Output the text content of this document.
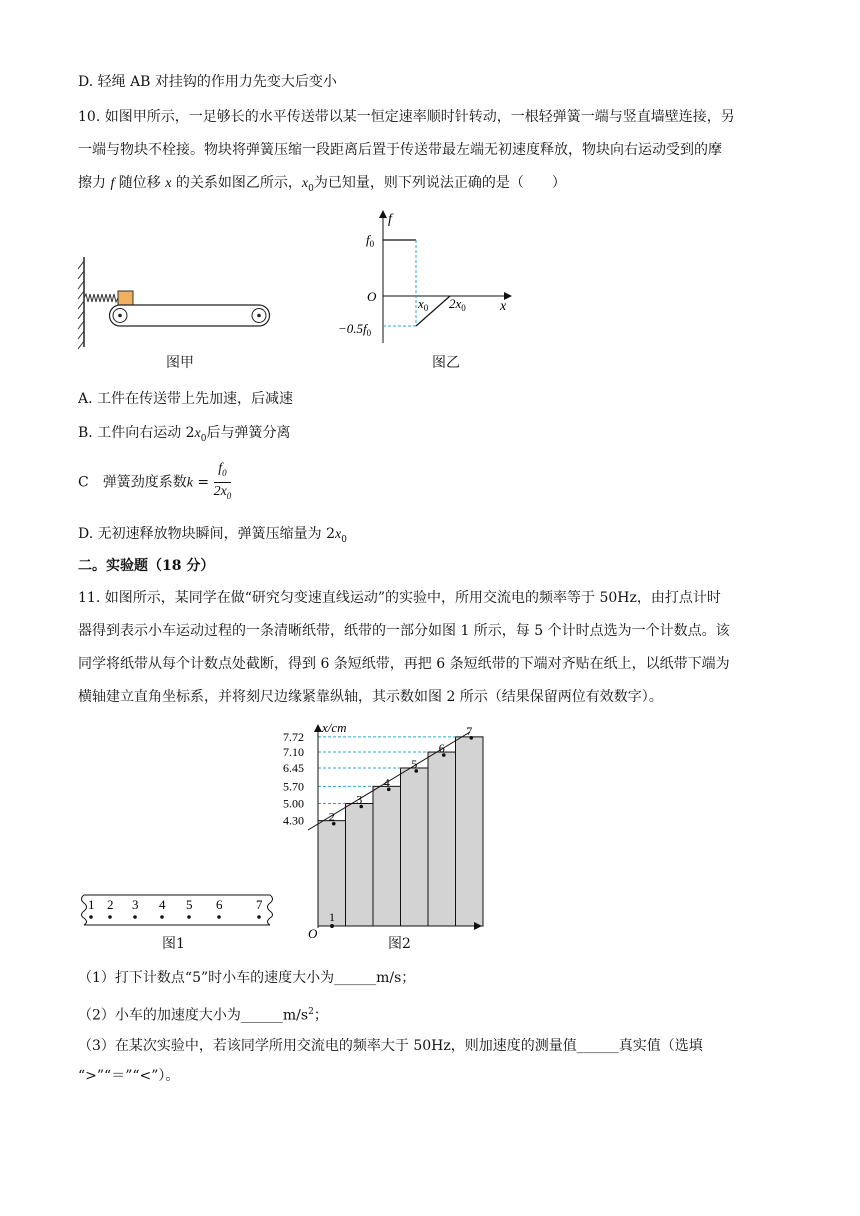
D. 轻绳 AB 对挂钩的作用力先变大后变小
10. 如图甲所示，一足够长的水平传送带以某一恒定速率顺时针转动，一根轻弹簧一端与竖直墙壁连接，另
一端与物块不栓接。物块将弹簧压缩一段距离后置于传送带最左端无初速度释放，物块向右运动受到的摩
擦力 f 随位移 x 的关系如图乙所示，$x_0$为已知量，则下列说法正确的是（　　）
图甲
f
x
O
$f_0$
$-0.5f_0$
$x_0$ $2x_0$
图乙
A. 工件在传送带上先加速，后减速
B. 工件向右运动 $2x_0$后与弹簧分离
C　 弹簧劲度系数$k = \frac{f_0}{2x_0}$
D. 无初速释放物块瞬间，弹簧压缩量为 $2x_0$
二。实验题（18 分）
11. 如图所示，某同学在做“研究匀变速直线运动”的实验中，所用交流电的频率等于 50Hz，由打点计时
器得到表示小车运动过程的一条清晰纸带，纸带的一部分如图 1 所示，每 5 个计时点选为一个计数点。该
同学将纸带从每个计数点处截断，得到 6 条短纸带，再把 6 条短纸带的下端对齐贴在纸上，以纸带下端为
横轴建立直角坐标系，并将刻尺边缘紧靠纵轴，其示数如图 2 所示（结果保留两位有效数字）。
1 2 3 4 5 6	7
图1
4.30
5.00
5.70
6.45
7.10
7.72
2
3
4
5
6
7
x/cm
O
1
图2
（1）打下计数点“5”时小车的速度大小为______m/s；
（2）小车的加速度大小为$\_\_\_\_\_\_m/s^2$；
（3）在某次实验中，若该同学所用交流电的频率大于 50Hz，则加速度的测量值______真实值（选填
“>”“＝”“<”）。
